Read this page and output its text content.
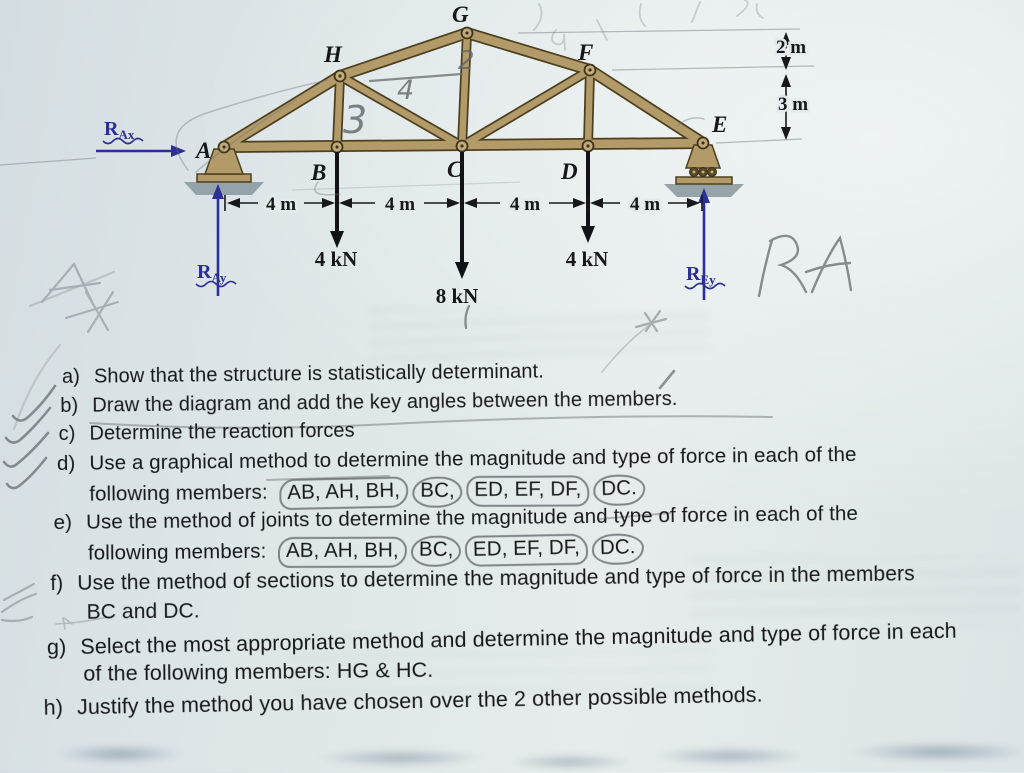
A
B	C	D
E
F
G
H
4 kN
8 kN
4 kN
4 m	4 m	4 m	4 m
2 m
3 m
$R_{Ax}$
$R_{Ay}$	$R_{Ey}$
3
4
2
a) Show that the structure is statistically determinant.
b) Draw the diagram and add the key angles between the members.
c) Determine the reaction forces
d) Use a graphical method to determine the magnitude and type of force in each of the
following members: AB, AH, BH, BC, ED, EF, DF, DC.
e) Use the method of joints to determine the magnitude and type of force in each of the
following members: AB, AH, BH, BC, ED, EF, DF, DC.
f) Use the method of sections to determine the magnitude and type of force in the members
BC and DC.
g) Select the most appropriate method and determine the magnitude and type of force in each
of the following members: HG & HC.
h) Justify the method you have chosen over the 2 other possible methods.
